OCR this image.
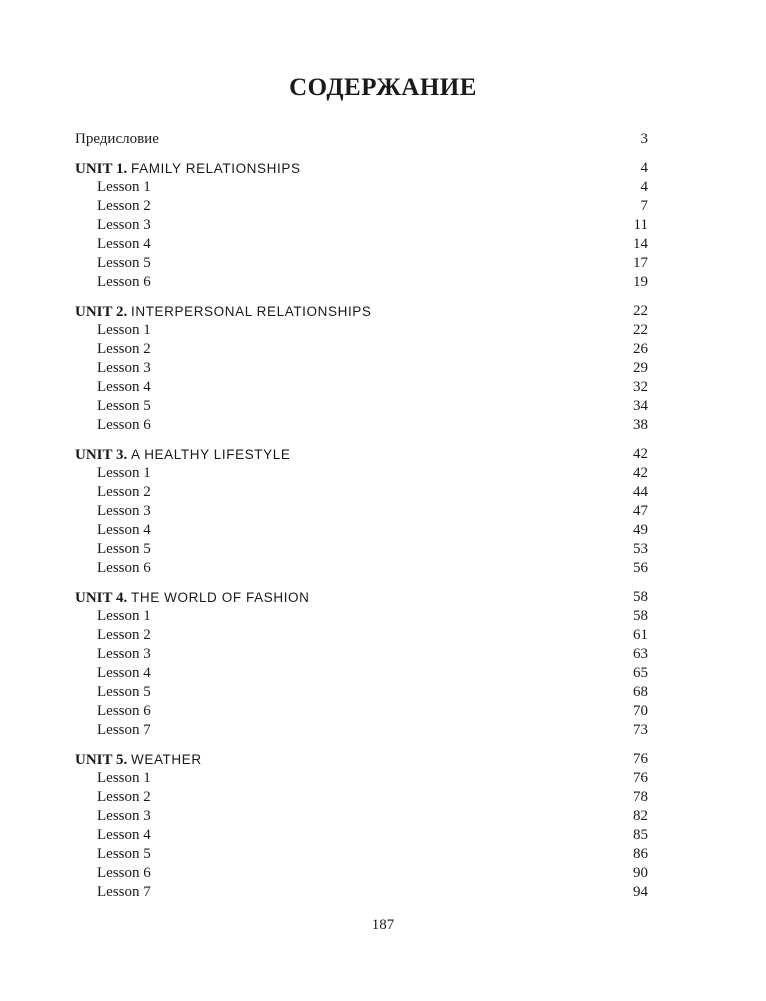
СОДЕРЖАНИЕ
Предисловие	3
UNIT 1. FAMILY RELATIONSHIPS	4
Lesson 1	4
Lesson 2	7
Lesson 3	11
Lesson 4	14
Lesson 5	17
Lesson 6	19
UNIT 2. INTERPERSONAL RELATIONSHIPS	22
Lesson 1	22
Lesson 2	26
Lesson 3	29
Lesson 4	32
Lesson 5	34
Lesson 6	38
UNIT 3. A HEALTHY LIFESTYLE	42
Lesson 1	42
Lesson 2	44
Lesson 3	47
Lesson 4	49
Lesson 5	53
Lesson 6	56
UNIT 4. THE WORLD OF FASHION	58
Lesson 1	58
Lesson 2	61
Lesson 3	63
Lesson 4	65
Lesson 5	68
Lesson 6	70
Lesson 7	73
UNIT 5. WEATHER	76
Lesson 1	76
Lesson 2	78
Lesson 3	82
Lesson 4	85
Lesson 5	86
Lesson 6	90
Lesson 7	94
187
